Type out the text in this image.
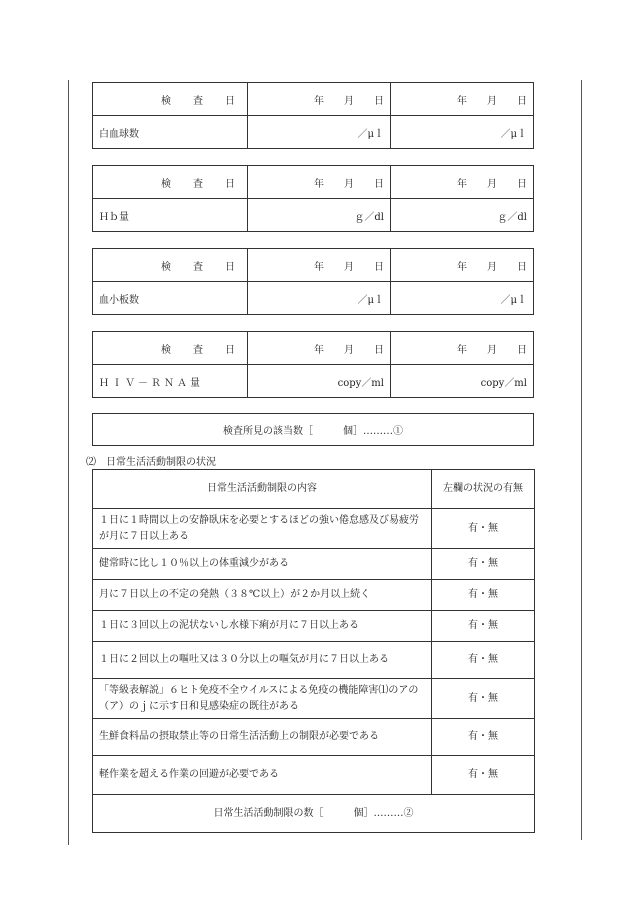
検　査　日	年　　月　　日	年　　月　　日
白血球数	／μｌ	／μｌ
検　査　日	年　　月　　日	年　　月　　日
Ｈｂ量	ｇ／dl	ｇ／dl
検　査　日	年　　月　　日	年　　月　　日
血小板数	／μｌ	／μｌ
検　査　日	年　　月　　日	年　　月　　日
ＨＩＶ－ＲＮＡ量	copy／ml	copy／ml
検査所見の該当数［　　　個］………①
⑵　日常生活活動制限の状況
日常生活活動制限の内容	左欄の状況の有無
１日に１時間以上の安静臥床を必要とするほどの強い倦怠感及び易疲労が月に７日以上ある	有・無
健常時に比し１０％以上の体重減少がある	有・無
月に７日以上の不定の発熱（３８℃以上）が２か月以上続く	有・無
１日に３回以上の泥状ないし水様下痢が月に７日以上ある	有・無
１日に２回以上の嘔吐又は３０分以上の嘔気が月に７日以上ある	有・無
「等級表解説」６ヒト免疫不全ウイルスによる免疫の機能障害⑴のアの（ア）のｊに示す日和見感染症の既往がある	有・無
生鮮食料品の摂取禁止等の日常生活活動上の制限が必要である	有・無
軽作業を超える作業の回避が必要である	有・無
日常生活活動制限の数［　　　個］………②	
